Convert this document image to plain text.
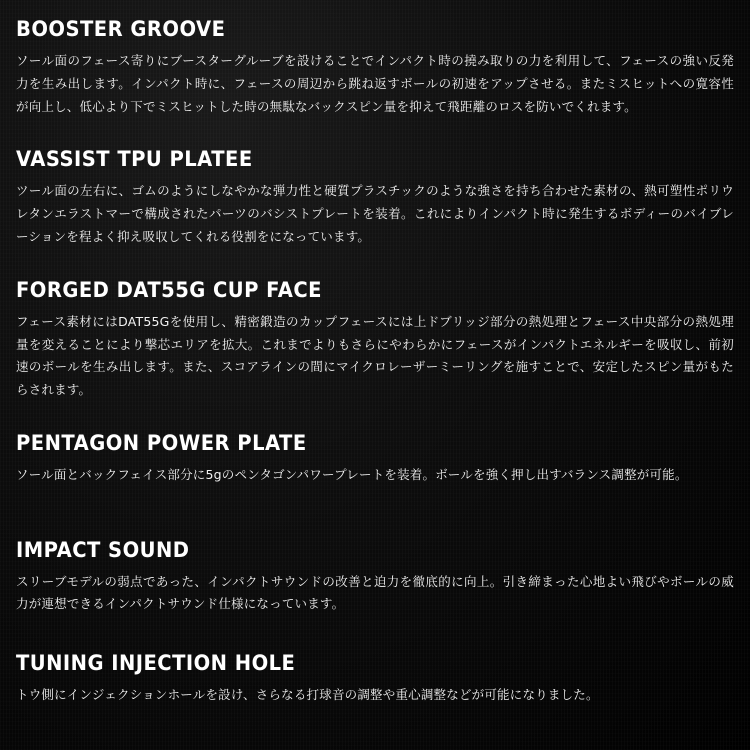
BOOSTER GROOVE

ソール面のフェース寄りにブースターグルーブを設けることでインパクト時の撓み取りの力を利用して、フェースの強い反発力を生み出します。インパクト時に、フェースの周辺から跳ね返すボールの初速をアップさせる。またミスヒットへの寛容性が向上し、低心より下でミスヒットした時の無駄なバックスピン量を抑えて飛距離のロスを防いでくれます。

VASSIST TPU PLATEE

ツール面の左右に、ゴムのようにしなやかな弾力性と硬質プラスチックのような強さを持ち合わせた素材の、熱可塑性ポリウレタンエラストマーで構成されたパーツのバシストプレートを装着。これによりインパクト時に発生するボディーのバイブレーションを程よく抑え吸収してくれる役割をになっています。

FORGED DAT55G CUP FACE

フェース素材にはDAT55Gを使用し、精密鍛造のカップフェースには上ドブリッジ部分の熱処理とフェース中央部分の熱処理量を変えることにより撃芯エリアを拡大。これまでよりもさらにやわらかにフェースがインパクトエネルギーを吸収し、前初速のボールを生み出します。また、スコアラインの間にマイクロレーザーミーリングを施すことで、安定したスピン量がもたらされます。

PENTAGON POWER PLATE

ソール面とバックフェイス部分に5gのペンタゴンパワープレートを装着。ボールを強く押し出すバランス調整が可能。

IMPACT SOUND

スリーブモデルの弱点であった、インパクトサウンドの改善と迫力を徹底的に向上。引き締まった心地よい飛びやボールの威力が連想できるインパクトサウンド仕様になっています。

TUNING INJECTION HOLE

トウ側にインジェクションホールを設け、さらなる打球音の調整や重心調整などが可能になりました。
